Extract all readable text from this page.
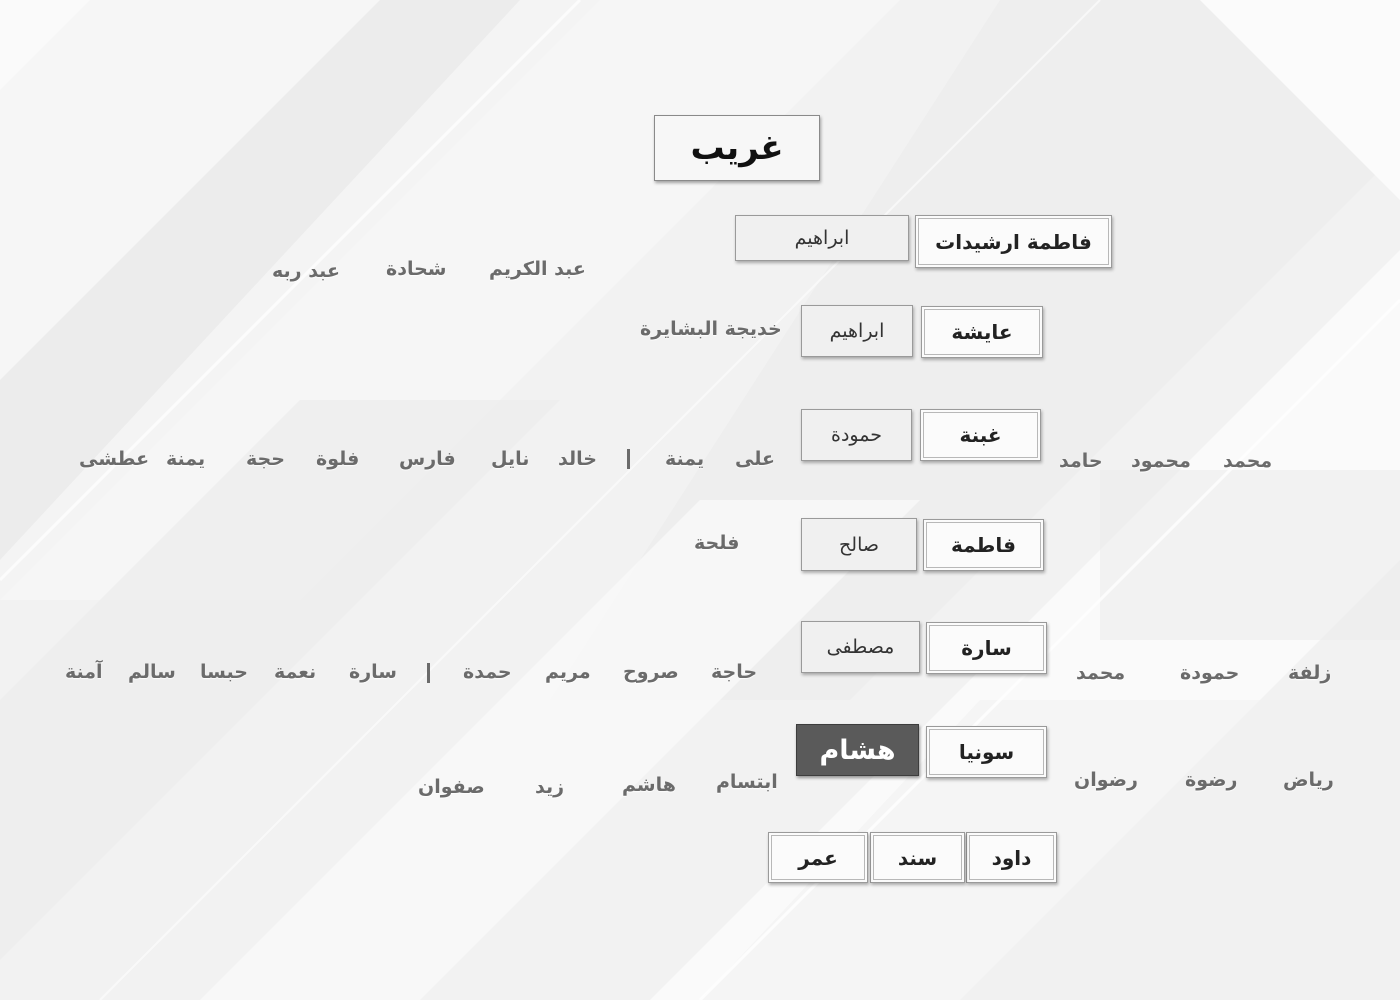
غريب
فاطمة ارشيدات
ابراهيم
عبد الكريم
شحادة
عبد ربه
عايشة
ابراهيم
خديجة البشايرة
غبنة
حمودة
على
يمنة
خالد
نايل
فارس
فلوة
حجة
يمنة
عطشى	محمد
محمود
حامد
فاطمة
صالح
فلحة
سارة
مصطفى
حاجة
صروح
مريم
حمدة
سارة
نعمة
حبسا
سالم
آمنة	زلفة
حمودة
محمد
سونيا
هشام
ابتسام
هاشم
زيد
صفوان	رياض
رضوة
رضوان
داود
سند
عمر
